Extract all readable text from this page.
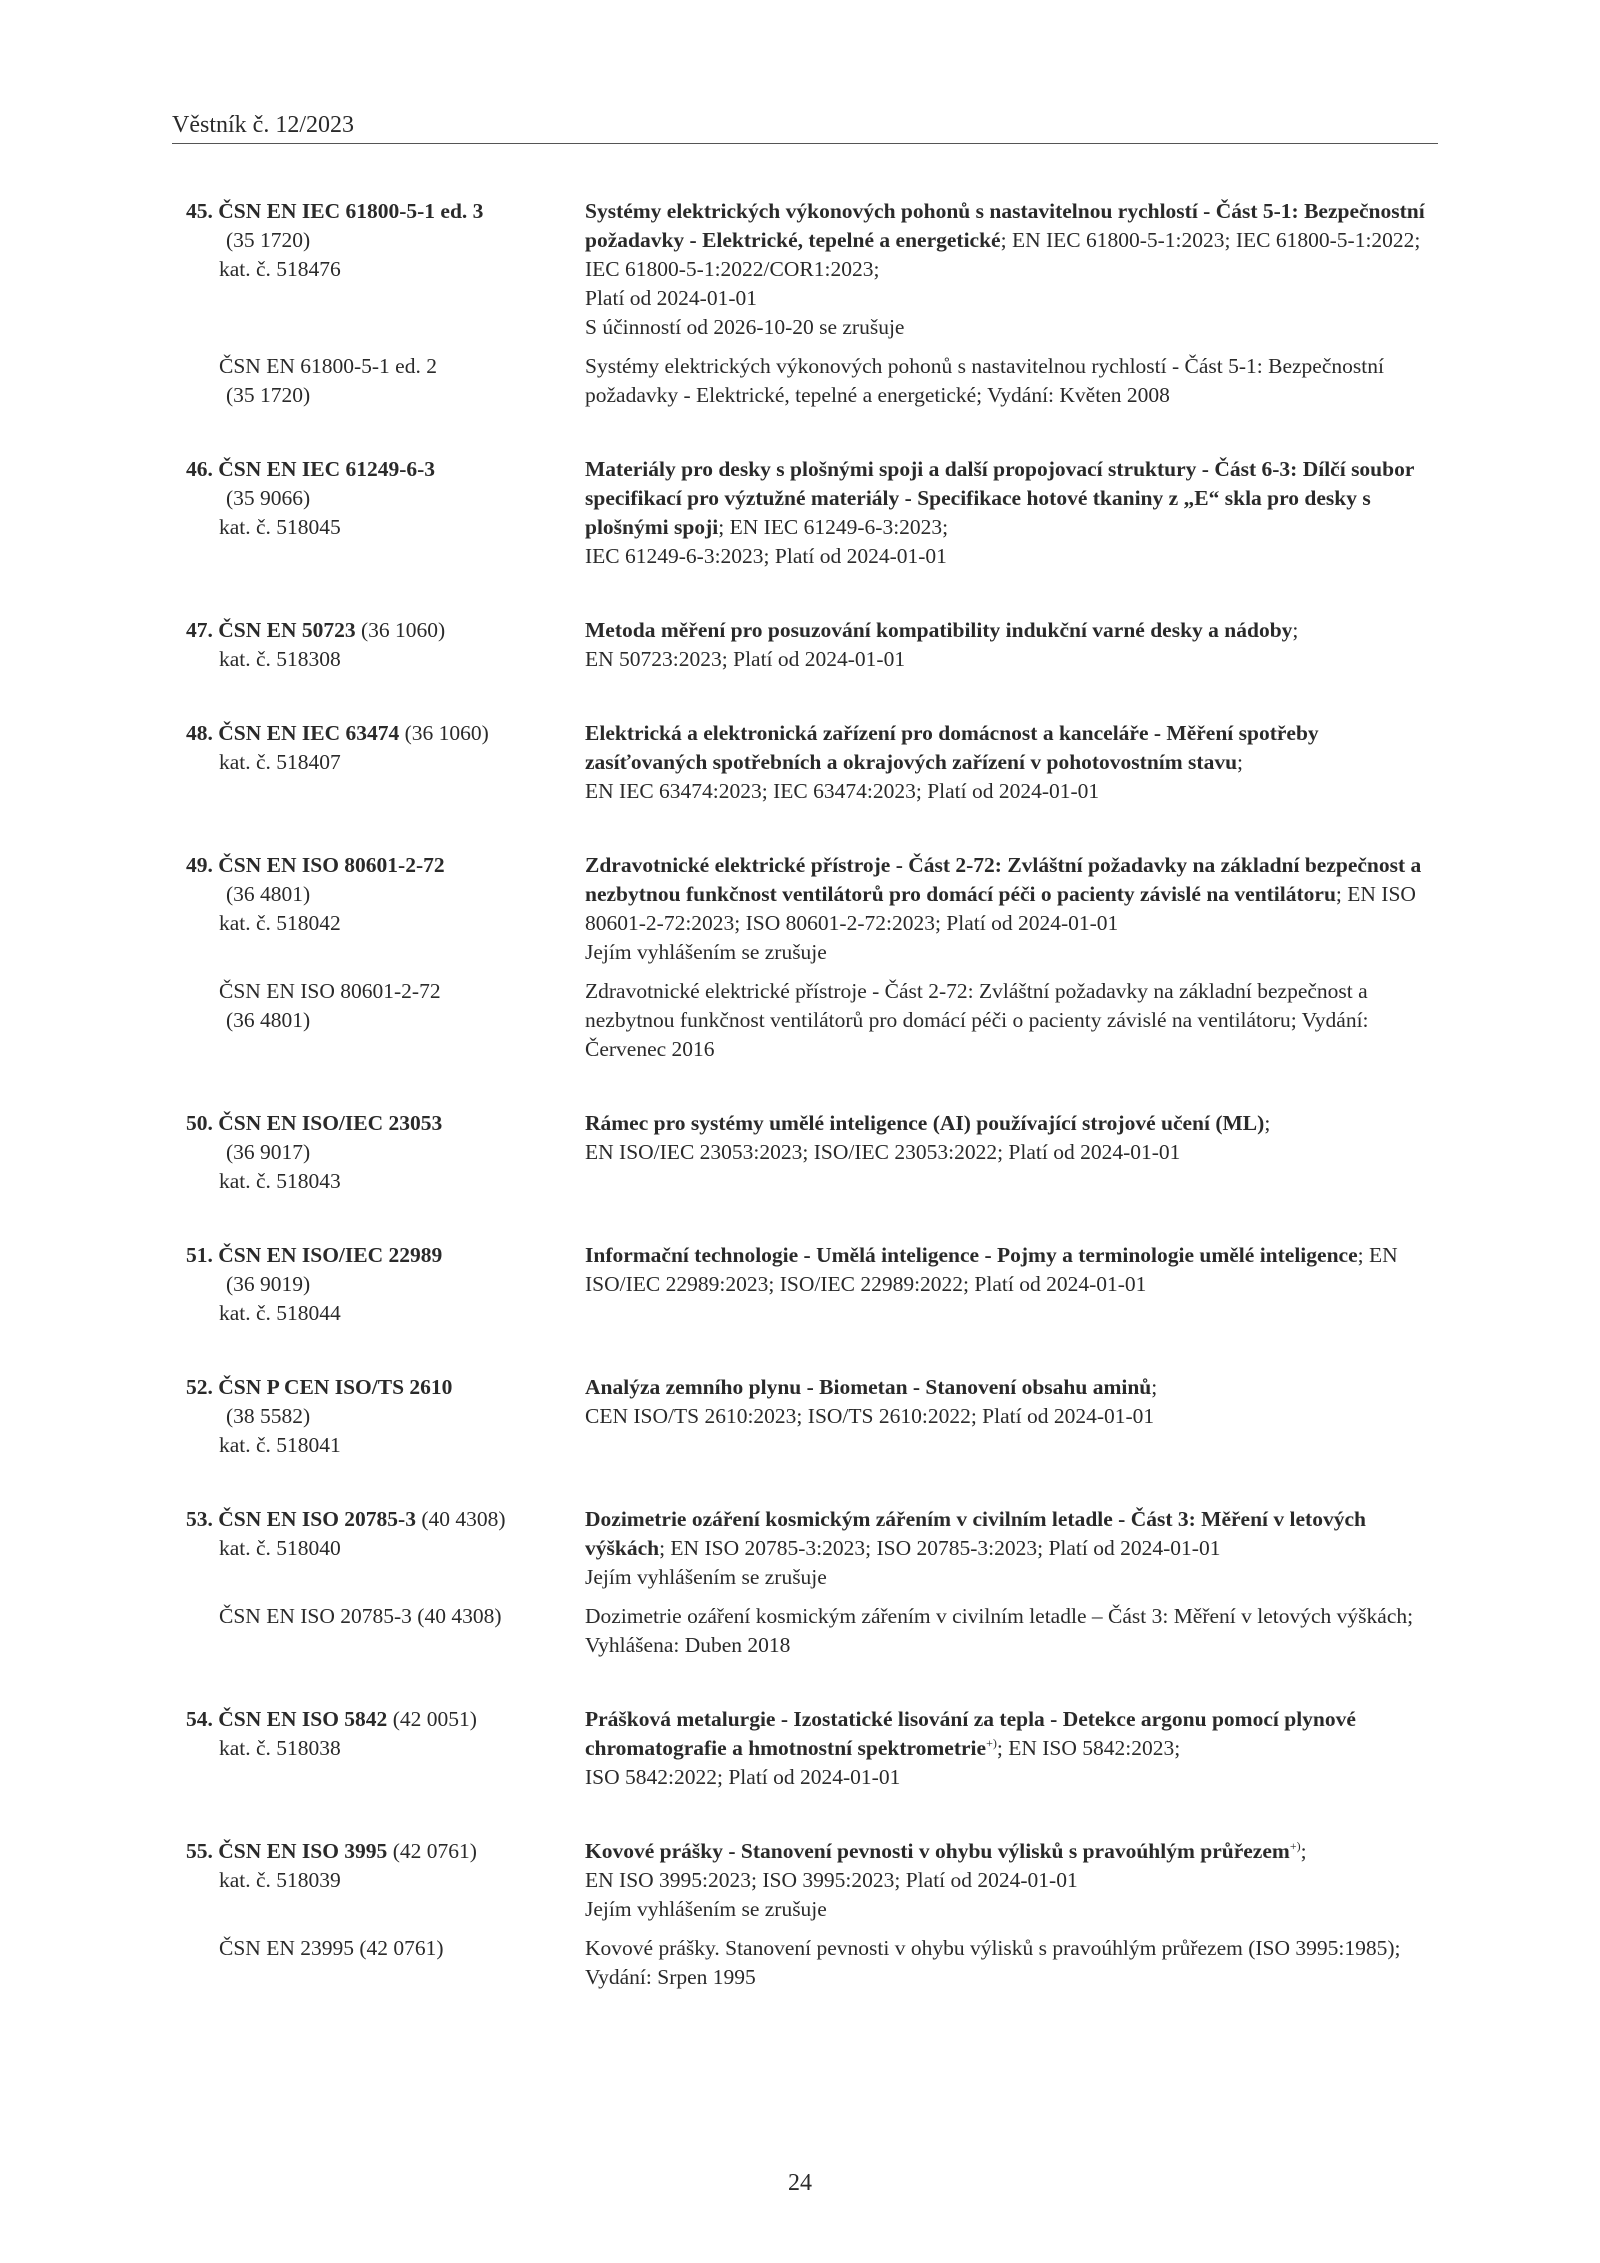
Věstník č. 12/2023
45. ČSN EN IEC 61800-5-1 ed. 3
(35 1720)
kat. č. 518476
Systémy elektrických výkonových pohonů s nastavitelnou rychlostí - Část 5-1: Bezpečnostní požadavky - Elektrické, tepelné a energetické; EN IEC 61800-5-1:2023; IEC 61800-5-1:2022; IEC 61800-5-1:2022/COR1:2023;
Platí od 2024-01-01
S účinností od 2026-10-20 se zrušuje
ČSN EN 61800-5-1 ed. 2
(35 1720)
Systémy elektrických výkonových pohonů s nastavitelnou rychlostí - Část 5-1: Bezpečnostní požadavky - Elektrické, tepelné a energetické; Vydání: Květen 2008
46. ČSN EN IEC 61249-6-3
(35 9066)
kat. č. 518045
Materiály pro desky s plošnými spoji a další propojovací struktury - Část 6-3: Dílčí soubor specifikací pro výztužné materiály - Specifikace hotové tkaniny z „E“ skla pro desky s plošnými spoji; EN IEC 61249-6-3:2023;
IEC 61249-6-3:2023; Platí od 2024-01-01
47. ČSN EN 50723 (36 1060)
kat. č. 518308
Metoda měření pro posuzování kompatibility indukční varné desky a nádoby;
EN 50723:2023; Platí od 2024-01-01
48. ČSN EN IEC 63474 (36 1060)
kat. č. 518407
Elektrická a elektronická zařízení pro domácnost a kanceláře - Měření spotřeby zasíťovaných spotřebních a okrajových zařízení v pohotovostním stavu;
EN IEC 63474:2023; IEC 63474:2023; Platí od 2024-01-01
49. ČSN EN ISO 80601-2-72
(36 4801)
kat. č. 518042
Zdravotnické elektrické přístroje - Část 2-72: Zvláštní požadavky na základní bezpečnost a nezbytnou funkčnost ventilátorů pro domácí péči o pacienty závislé na ventilátoru; EN ISO 80601-2-72:2023; ISO 80601-2-72:2023; Platí od 2024-01-01
Jejím vyhlášením se zrušuje
ČSN EN ISO 80601-2-72
(36 4801)
Zdravotnické elektrické přístroje - Část 2-72: Zvláštní požadavky na základní bezpečnost a nezbytnou funkčnost ventilátorů pro domácí péči o pacienty závislé na ventilátoru; Vydání: Červenec 2016
50. ČSN EN ISO/IEC 23053
(36 9017)
kat. č. 518043
Rámec pro systémy umělé inteligence (AI) používající strojové učení (ML);
EN ISO/IEC 23053:2023; ISO/IEC 23053:2022; Platí od 2024-01-01
51. ČSN EN ISO/IEC 22989
(36 9019)
kat. č. 518044
Informační technologie - Umělá inteligence - Pojmy a terminologie umělé inteligence; EN ISO/IEC 22989:2023; ISO/IEC 22989:2022; Platí od 2024-01-01
52. ČSN P CEN ISO/TS 2610
(38 5582)
kat. č. 518041
Analýza zemního plynu - Biometan - Stanovení obsahu aminů;
CEN ISO/TS 2610:2023; ISO/TS 2610:2022; Platí od 2024-01-01
53. ČSN EN ISO 20785-3 (40 4308)
kat. č. 518040
Dozimetrie ozáření kosmickým zářením v civilním letadle - Část 3: Měření v letových výškách; EN ISO 20785-3:2023; ISO 20785-3:2023; Platí od 2024-01-01
Jejím vyhlášením se zrušuje
ČSN EN ISO 20785-3 (40 4308)	Dozimetrie ozáření kosmickým zářením v civilním letadle – Část 3: Měření v letových výškách; Vyhlášena: Duben 2018
54. ČSN EN ISO 5842 (42 0051)
kat. č. 518038
Prášková metalurgie - Izostatické lisování za tepla - Detekce argonu pomocí plynové chromatografie a hmotnostní spektrometrie+); EN ISO 5842:2023;
ISO 5842:2022; Platí od 2024-01-01
55. ČSN EN ISO 3995 (42 0761)
kat. č. 518039
Kovové prášky - Stanovení pevnosti v ohybu výlisků s pravoúhlým průřezem+);
EN ISO 3995:2023; ISO 3995:2023; Platí od 2024-01-01
Jejím vyhlášením se zrušuje
ČSN EN 23995 (42 0761)	Kovové prášky. Stanovení pevnosti v ohybu výlisků s pravoúhlým průřezem (ISO 3995:1985); Vydání: Srpen 1995
24
